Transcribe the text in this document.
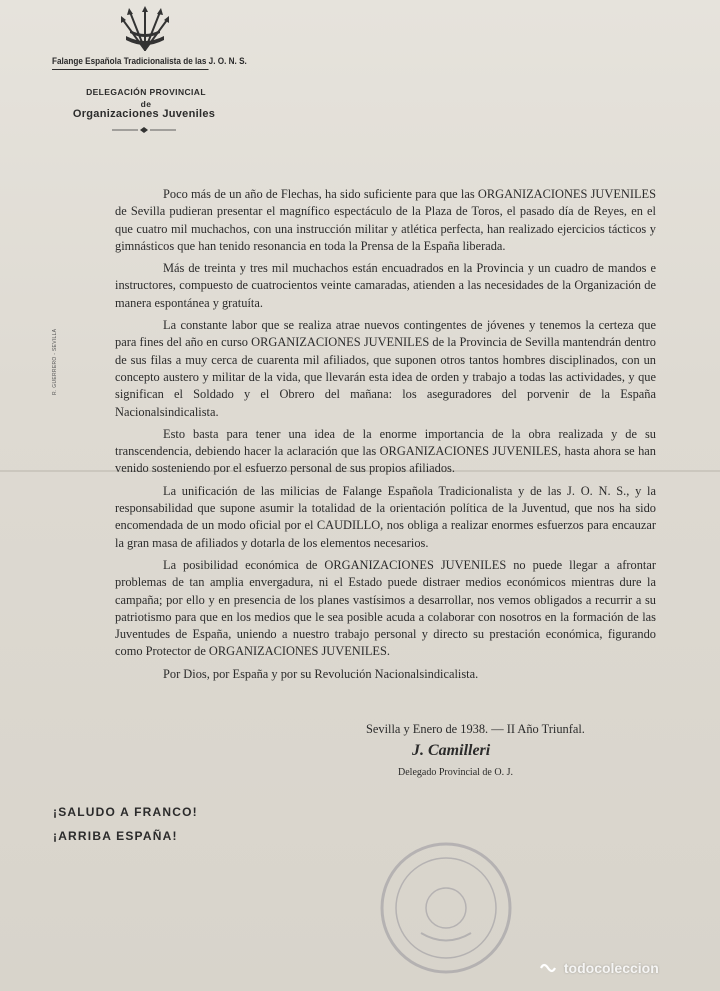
Falange Española Tradicionalista de las J. O. N. S.
DELEGACIÓN PROVINCIAL
de
Organizaciones Juveniles
R. GUERRERO - SEVILLA

Poco más de un año de Flechas, ha sido suficiente para que las ORGANIZACIONES JUVENILES de Sevilla pudieran presentar el magnífico espectáculo de la Plaza de Toros, el pasado día de Reyes, en el que cuatro mil muchachos, con una instrucción militar y atlética perfecta, han realizado ejercicios tácticos y gimnásticos que han tenido resonancia en toda la Prensa de la España liberada.

Más de treinta y tres mil muchachos están encuadrados en la Provincia y un cuadro de mandos e instructores, compuesto de cuatrocientos veinte camaradas, atienden a las necesidades de la Organización de manera espontánea y gratuíta.

La constante labor que se realiza atrae nuevos contingentes de jóvenes y tenemos la certeza que para fines del año en curso ORGANIZACIONES JUVENILES de la Provincia de Sevilla mantendrán dentro de sus filas a muy cerca de cuarenta mil afiliados, que suponen otros tantos hombres disciplinados, con un concepto austero y militar de la vida, que llevarán esta idea de orden y trabajo a todas las actividades, y que significan el Soldado y el Obrero del mañana: los aseguradores del porvenir de la España Nacionalsindicalista.

Esto basta para tener una idea de la enorme importancia de la obra realizada y de su transcendencia, debiendo hacer la aclaración que las ORGANIZACIONES JUVENILES, hasta ahora se han venido sosteniendo por el esfuerzo personal de sus propios afiliados.

La unificación de las milicias de Falange Española Tradicionalista y de las J. O. N. S., y la responsabilidad que supone asumir la totalidad de la orientación política de la Juventud, que nos ha sido encomendada de un modo oficial por el CAUDILLO, nos obliga a realizar enormes esfuerzos para encauzar la gran masa de afiliados y dotarla de los elementos necesarios.

La posibilidad económica de ORGANIZACIONES JUVENILES no puede llegar a afrontar problemas de tan amplia envergadura, ni el Estado puede distraer medios económicos mientras dure la campaña; por ello y en presencia de los planes vastísimos a desarrollar, nos vemos obligados a recurrir a su patriotismo para que en los medios que le sea posible acuda a colaborar con nosotros en la formación de las Juventudes de España, uniendo a nuestro trabajo personal y directo su prestación económica, figurando como Protector de ORGANIZACIONES JUVENILES.

Por Dios, por España y por su Revolución Nacionalsindicalista.

Sevilla y Enero de 1938. — II Año Triunfal.
J. Camilleri
Delegado Provincial de O. J.
¡SALUDO A FRANCO!
¡ARRIBA ESPAÑA!
todocoleccion
